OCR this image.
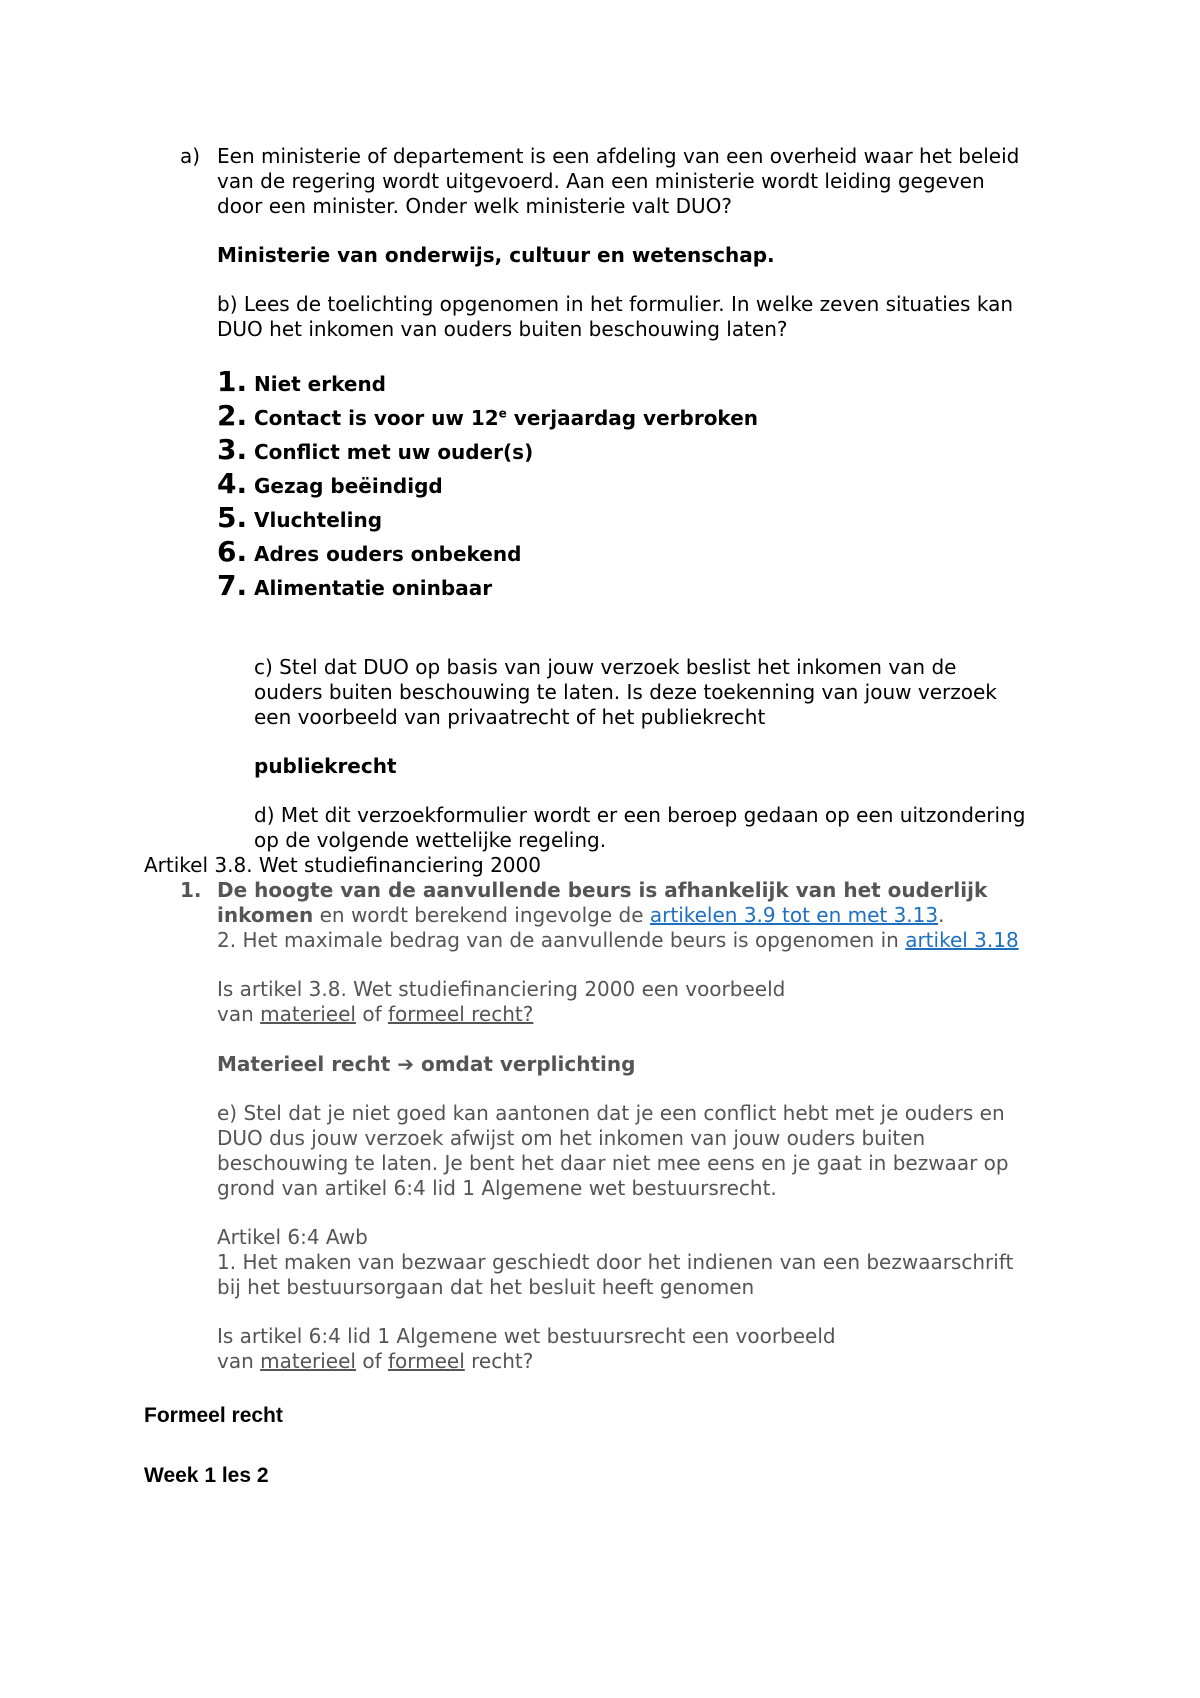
a) Een ministerie of departement is een afdeling van een overheid waar het beleid
van de regering wordt uitgevoerd. Aan een ministerie wordt leiding gegeven
door een minister. Onder welk ministerie valt DUO?
Ministerie van onderwijs, cultuur en wetenschap.
b) Lees de toelichting opgenomen in het formulier. In welke zeven situaties kan
DUO het inkomen van ouders buiten beschouwing laten?
1. Niet erkend
2. Contact is voor uw 12e verjaardag verbroken
3. Conflict met uw ouder(s)
4. Gezag beëindigd
5. Vluchteling
6. Adres ouders onbekend
7. Alimentatie oninbaar
c) Stel dat DUO op basis van jouw verzoek beslist het inkomen van de
ouders buiten beschouwing te laten. Is deze toekenning van jouw verzoek
een voorbeeld van privaatrecht of het publiekrecht
publiekrecht
d) Met dit verzoekformulier wordt er een beroep gedaan op een uitzondering
op de volgende wettelijke regeling.
Artikel 3.8. Wet studiefinanciering 2000
1. De hoogte van de aanvullende beurs is afhankelijk van het ouderlijk
inkomen en wordt berekend ingevolge de artikelen 3.9 tot en met 3.13.
2. Het maximale bedrag van de aanvullende beurs is opgenomen in artikel 3.18
Is artikel 3.8. Wet studiefinanciering 2000 een voorbeeld
van materieel of formeel recht?
Materieel recht ➔ omdat verplichting
e) Stel dat je niet goed kan aantonen dat je een conflict hebt met je ouders en
DUO dus jouw verzoek afwijst om het inkomen van jouw ouders buiten
beschouwing te laten. Je bent het daar niet mee eens en je gaat in bezwaar op
grond van artikel 6:4 lid 1 Algemene wet bestuursrecht.
Artikel 6:4 Awb
1. Het maken van bezwaar geschiedt door het indienen van een bezwaarschrift
bij het bestuursorgaan dat het besluit heeft genomen
Is artikel 6:4 lid 1 Algemene wet bestuursrecht een voorbeeld
van materieel of formeel recht?
Formeel recht
Week 1 les 2
